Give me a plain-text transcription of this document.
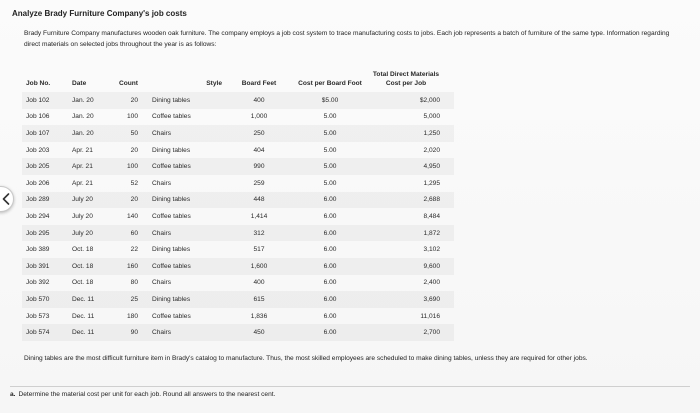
Analyze Brady Furniture Company's job costs
Brady Furniture Company manufactures wooden oak furniture. The company employs a job cost system to trace manufacturing costs to jobs. Each job represents a batch of furniture of the same type. Information regarding direct materials on selected jobs throughout the year is as follows:
Job No.	Date	Count	Style	Board Feet	Cost per Board Foot	Total Direct Materials Cost per Job
Job 102	Jan. 20	20	Dining tables	400	$5.00	$2,000
Job 106	Jan. 20	100	Coffee tables	1,000	5.00	5,000
Job 107	Jan. 20	50	Chairs	250	5.00	1,250
Job 203	Apr. 21	20	Dining tables	404	5.00	2,020
Job 205	Apr. 21	100	Coffee tables	990	5.00	4,950
Job 206	Apr. 21	52	Chairs	259	5.00	1,295
Job 289	July 20	20	Dining tables	448	6.00	2,688
Job 294	July 20	140	Coffee tables	1,414	6.00	8,484
Job 295	July 20	60	Chairs	312	6.00	1,872
Job 389	Oct. 18	22	Dining tables	517	6.00	3,102
Job 391	Oct. 18	160	Coffee tables	1,600	6.00	9,600
Job 392	Oct. 18	80	Chairs	400	6.00	2,400
Job 570	Dec. 11	25	Dining tables	615	6.00	3,690
Job 573	Dec. 11	180	Coffee tables	1,836	6.00	11,016
Job 574	Dec. 11	90	Chairs	450	6.00	2,700
Dining tables are the most difficult furniture item in Brady's catalog to manufacture. Thus, the most skilled employees are scheduled to make dining tables, unless they are required for other jobs.
a. Determine the material cost per unit for each job. Round all answers to the nearest cent.
